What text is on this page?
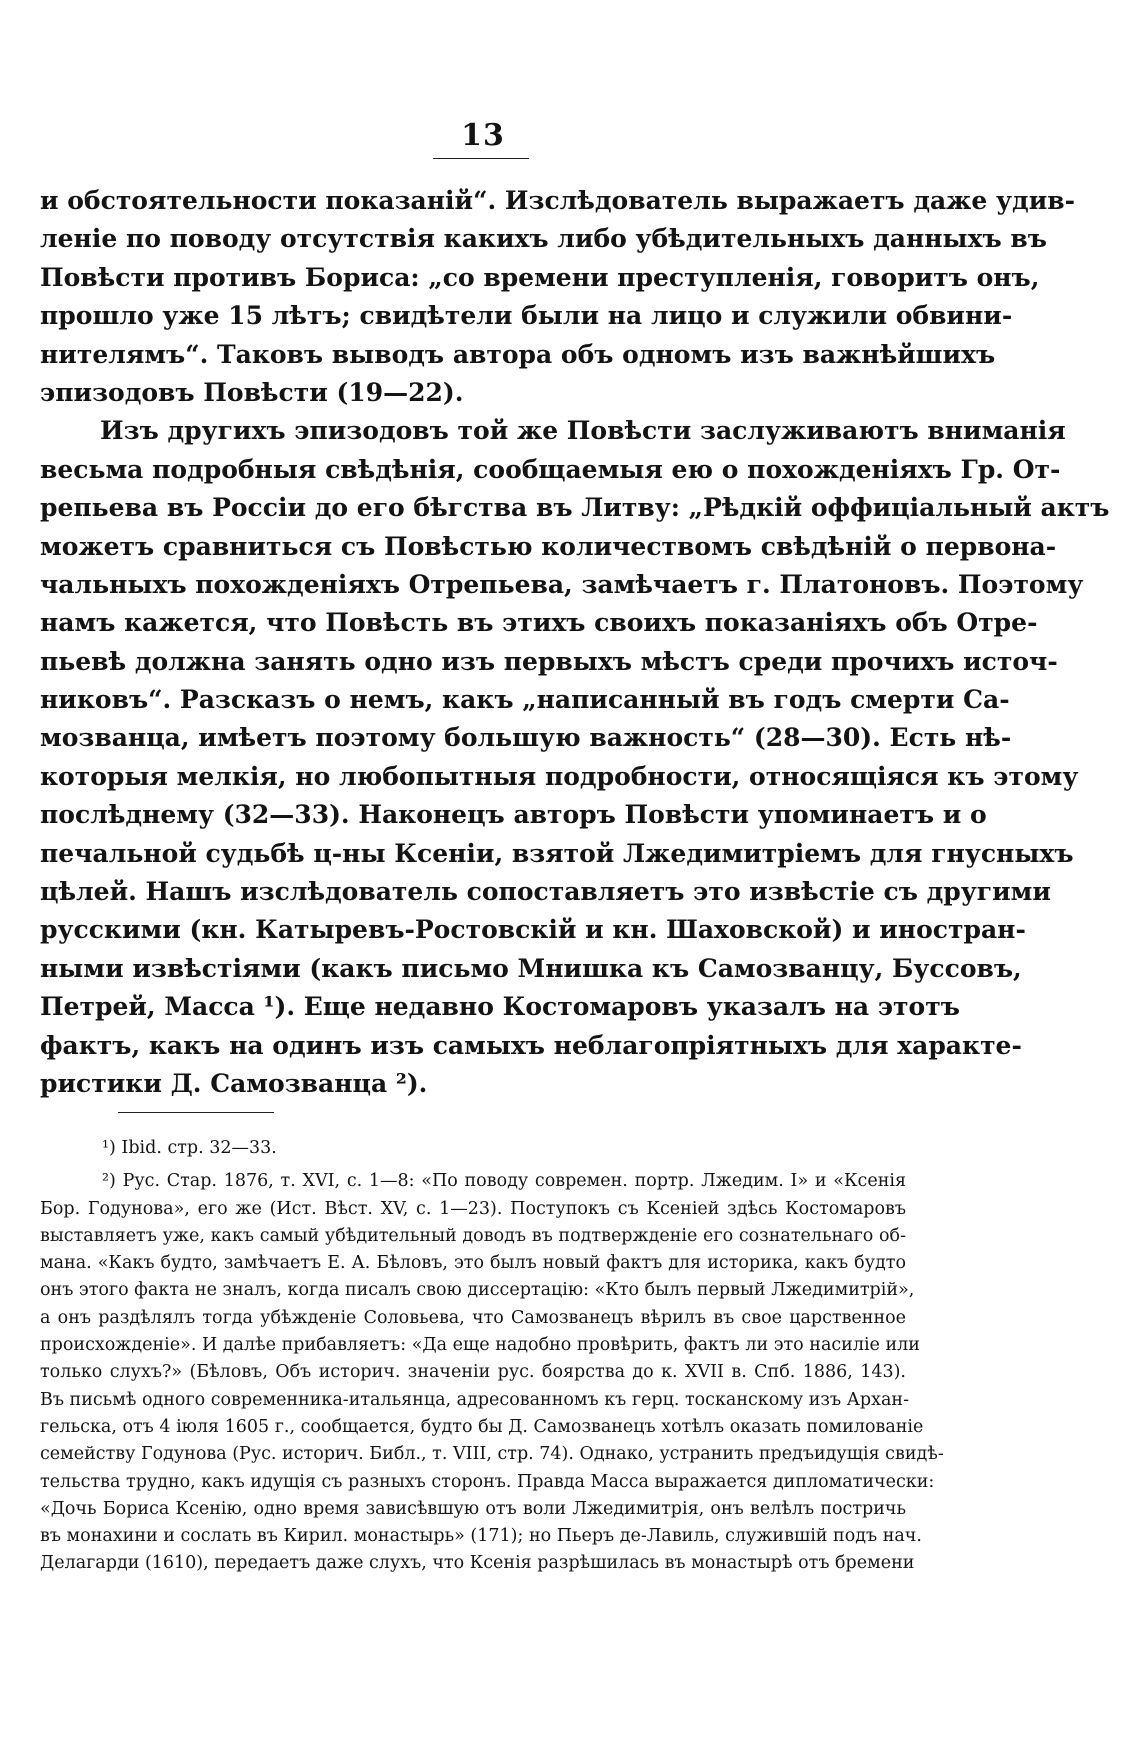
13
и обстоятельности показаній“. Изслѣдователь выражаетъ даже удив-
леніе по поводу отсутствія какихъ либо убѣдительныхъ данныхъ въ
Повѣсти противъ Бориса: „со времени преступленія, говоритъ онъ,
прошло уже 15 лѣтъ; свидѣтели были на лицо и служили обвини-
нителямъ“. Таковъ выводъ автора объ одномъ изъ важнѣйшихъ
эпизодовъ Повѣсти (19—22).
Изъ другихъ эпизодовъ той же Повѣсти заслуживаютъ вниманія
весьма подробныя свѣдѣнія, сообщаемыя ею о похожденіяхъ Гр. От-
репьева въ Россіи до его бѣгства въ Литву: „Рѣдкій оффиціальный актъ
можетъ сравниться съ Повѣстью количествомъ свѣдѣній о первона-
чальныхъ похожденіяхъ Отрепьева, замѣчаетъ г. Платоновъ. Поэтому
намъ кажется, что Повѣсть въ этихъ своихъ показаніяхъ объ Отре-
пьевѣ должна занять одно изъ первыхъ мѣстъ среди прочихъ источ-
никовъ“. Разсказъ о немъ, какъ „написанный въ годъ смерти Са-
мозванца, имѣетъ поэтому большую важность“ (28—30). Есть нѣ-
которыя мелкія, но любопытныя подробности, относящіяся къ этому
послѣднему (32—33). Наконецъ авторъ Повѣсти упоминаетъ и о
печальной судьбѣ ц-ны Ксеніи, взятой Лжедимитріемъ для гнусныхъ
цѣлей. Нашъ изслѣдователь сопоставляетъ это извѣстіе съ другими
русскими (кн. Катыревъ-Ростовскій и кн. Шаховской) и иностран-
ными извѣстіями (какъ письмо Мнишка къ Самозванцу, Буссовъ,
Петрей, Масса ¹). Еще недавно Костомаровъ указалъ на этотъ
фактъ, какъ на одинъ изъ самыхъ неблагопріятныхъ для характе-
ристики Д. Самозванца ²).
¹) Ibid. стр. 32—33.
²) Рус. Стар. 1876, т. XVI, с. 1—8: «По поводу современ. портр. Лжедим. I» и «Ксенія
Бор. Годунова», его же (Ист. Вѣст. XV, с. 1—23). Поступокъ съ Ксеніей здѣсь Костомаровъ
выставляетъ уже, какъ самый убѣдительный доводъ въ подтвержденіе его сознательнаго об-
мана. «Какъ будто, замѣчаетъ Е. А. Бѣловъ, это былъ новый фактъ для историка, какъ будто
онъ этого факта не зналъ, когда писалъ свою диссертацію: «Кто былъ первый Лжедимитрій»,
а онъ раздѣлялъ тогда убѣжденіе Соловьева, что Самозванецъ вѣрилъ въ свое царственное
происхожденіе». И далѣе прибавляетъ: «Да еще надобно провѣрить, фактъ ли это насиліе или
только слухъ?» (Бѣловъ, Объ историч. значеніи рус. боярства до к. XVII в. Спб. 1886, 143).
Въ письмѣ одного современника-итальянца, адресованномъ къ герц. тосканскому изъ Архан-
гельска, отъ 4 іюля 1605 г., сообщается, будто бы Д. Самозванецъ хотѣлъ оказать помилованіе
семейству Годунова (Рус. историч. Библ., т. VIII, стр. 74). Однако, устранить предъидущія свидѣ-
тельства трудно, какъ идущія съ разныхъ сторонъ. Правда Масса выражается дипломатически:
«Дочь Бориса Ксенію, одно время зависѣвшую отъ воли Лжедимитрія, онъ велѣлъ постричь
въ монахини и сослать въ Кирил. монастырь» (171); но Пьеръ де-Лавиль, служившій подъ нач.
Делагарди (1610), передаетъ даже слухъ, что Ксенія разрѣшилась въ монастырѣ отъ бремени
